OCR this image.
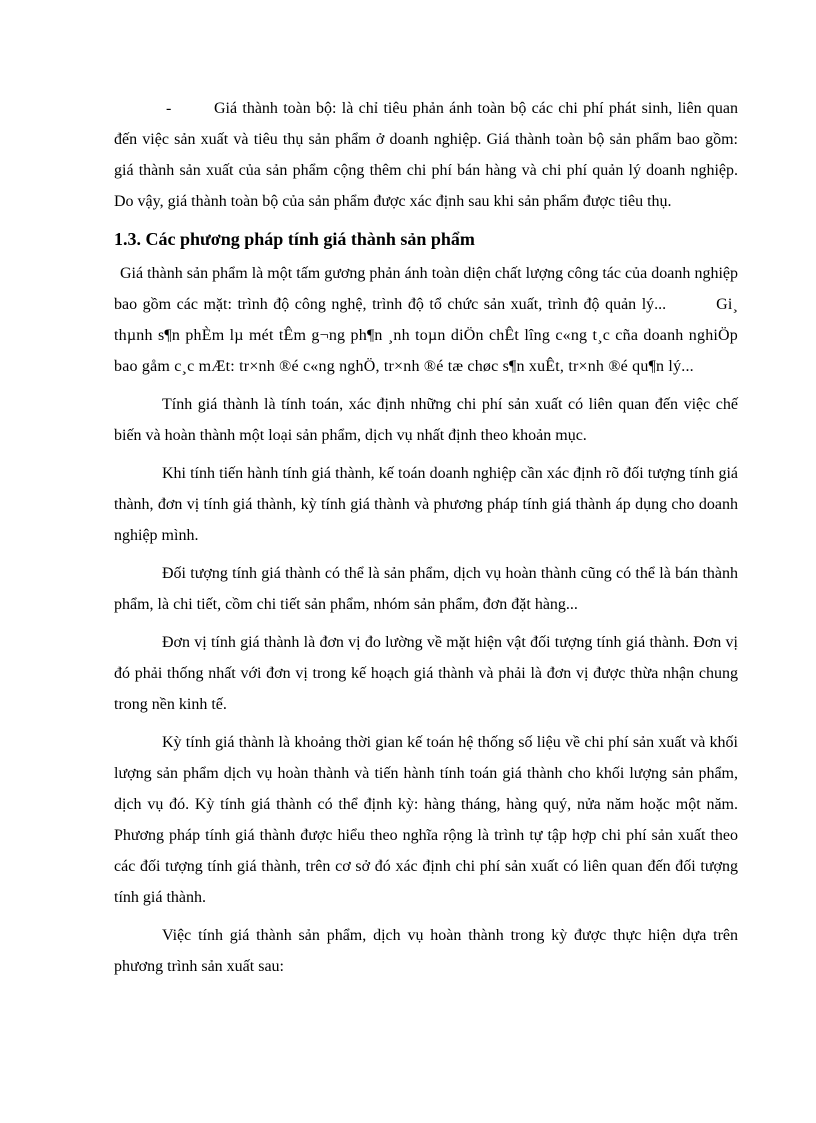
-	Giá thành toàn bộ: là chỉ tiêu phản ánh toàn bộ các chi phí phát sinh, liên quan đến việc sản xuất và tiêu thụ sản phẩm ở doanh nghiệp. Giá thành toàn bộ sản phẩm bao gồm: giá thành sản xuất của sản phẩm cộng thêm chi phí bán hàng và chi phí quản lý doanh nghiệp. Do vậy, giá thành toàn bộ của sản phẩm được xác định sau khi sản phẩm được tiêu thụ.

1.3. Các phương pháp tính giá thành sản phẩm

Giá thành sản phẩm là một tấm gương phản ánh toàn diện chất lượng công tác của doanh nghiệp bao gồm các mặt: trình độ công nghệ, trình độ tổ chức sản xuất, trình độ quản lý...	Gi¸ thµnh s¶n phÈm lµ mét tÊm g¬ng ph¶n ¸nh toµn diÖn chÊt lîng c«ng t¸c cña doanh nghiÖp bao gåm c¸c mÆt: tr×nh ®é c«ng nghÖ, tr×nh ®é tæ chøc s¶n xuÊt, tr×nh ®é qu¶n lý...

Tính giá thành là tính toán, xác định những chi phí sản xuất có liên quan đến việc chế biến và hoàn thành một loại sản phẩm, dịch vụ nhất định theo khoản mục.

Khi tính tiến hành tính giá thành, kế toán doanh nghiệp cần xác định rõ đối tượng tính giá thành, đơn vị tính giá thành, kỳ tính giá thành và phương pháp tính giá thành áp dụng cho doanh nghiệp mình.

Đối tượng tính giá thành có thể là sản phẩm, dịch vụ hoàn thành cũng có thể là bán thành phẩm, là chi tiết, cồm chi tiết sản phẩm, nhóm sản phẩm, đơn đặt hàng...

Đơn vị tính giá thành là đơn vị đo lường về mặt hiện vật đối tượng tính giá thành. Đơn vị đó phải thống nhất với đơn vị trong kế hoạch giá thành và phải là đơn vị được thừa nhận chung trong nền kinh tế.

Kỳ tính giá thành là khoảng thời gian kế toán hệ thống số liệu về chi phí sản xuất và khối lượng sản phẩm dịch vụ hoàn thành và tiến hành tính toán giá thành cho khối lượng sản phẩm, dịch vụ đó. Kỳ tính giá thành có thể định kỳ: hàng tháng, hàng quý, nửa năm hoặc một năm. Phương pháp tính giá thành được hiểu theo nghĩa rộng là trình tự tập hợp chi phí sản xuất theo các đối tượng tính giá thành, trên cơ sở đó xác định chi phí sản xuất có liên quan đến đối tượng tính giá thành.

Việc tính giá thành sản phẩm, dịch vụ hoàn thành trong kỳ được thực hiện dựa trên phương trình sản xuất sau:
